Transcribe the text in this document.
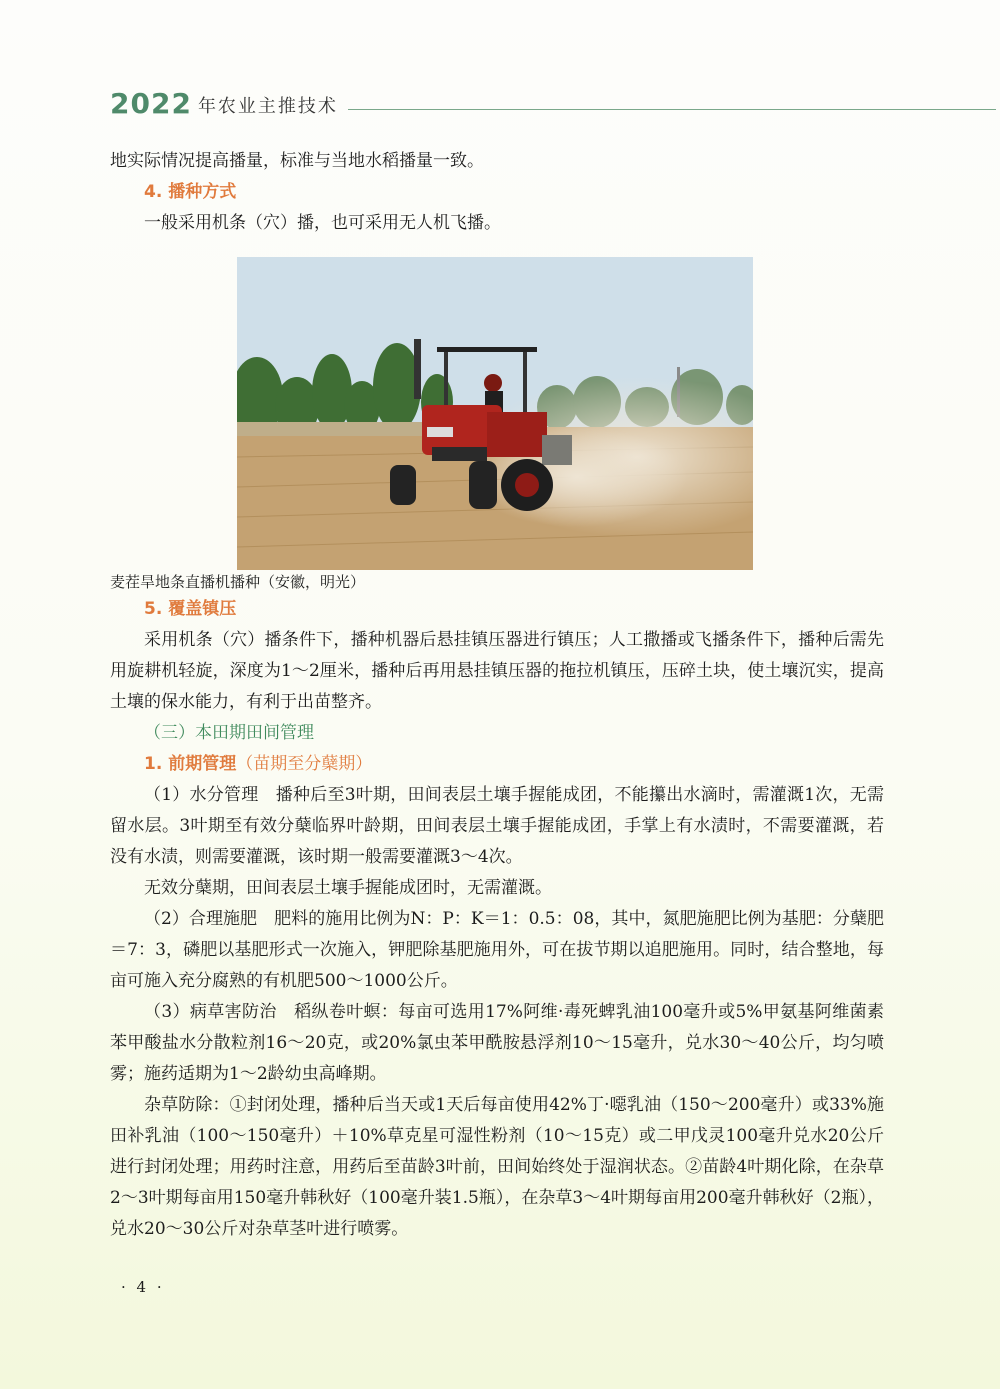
2022 年农业主推技术

地实际情况提高播量，标准与当地水稻播量一致。

4. 播种方式

一般采用机条（穴）播，也可采用无人机飞播。

麦茬旱地条直播机播种（安徽，明光）

5. 覆盖镇压

采用机条（穴）播条件下，播种机器后悬挂镇压器进行镇压；人工撒播或飞播条件下，播种后需先用旋耕机轻旋，深度为1～2厘米，播种后再用悬挂镇压器的拖拉机镇压，压碎土块，使土壤沉实，提高土壤的保水能力，有利于出苗整齐。

（三）本田期田间管理

1. 前期管理（苗期至分蘖期）

（1）水分管理　播种后至3叶期，田间表层土壤手握能成团，不能攥出水滴时，需灌溉1次，无需留水层。3叶期至有效分蘖临界叶龄期，田间表层土壤手握能成团，手掌上有水渍时，不需要灌溉，若没有水渍，则需要灌溉，该时期一般需要灌溉3～4次。

无效分蘖期，田间表层土壤手握能成团时，无需灌溉。

（2）合理施肥　肥料的施用比例为N：P：K＝1：0.5：08，其中，氮肥施肥比例为基肥：分蘖肥＝7：3，磷肥以基肥形式一次施入，钾肥除基肥施用外，可在拔节期以追肥施用。同时，结合整地，每亩可施入充分腐熟的有机肥500～1000公斤。

（3）病草害防治　稻纵卷叶螟：每亩可选用17%阿维·毒死蜱乳油100毫升或5%甲氨基阿维菌素苯甲酸盐水分散粒剂16～20克，或20%氯虫苯甲酰胺悬浮剂10～15毫升，兑水30～40公斤，均匀喷雾；施药适期为1～2龄幼虫高峰期。

杂草防除：①封闭处理，播种后当天或1天后每亩使用42%丁·噁乳油（150～200毫升）或33%施田补乳油（100～150毫升）＋10%草克星可湿性粉剂（10～15克）或二甲戊灵100毫升兑水20公斤进行封闭处理；用药时注意，用药后至苗龄3叶前，田间始终处于湿润状态。②苗龄4叶期化除，在杂草2～3叶期每亩用150毫升韩秋好（100毫升装1.5瓶），在杂草3～4叶期每亩用200毫升韩秋好（2瓶），兑水20～30公斤对杂草茎叶进行喷雾。

· 4 ·
